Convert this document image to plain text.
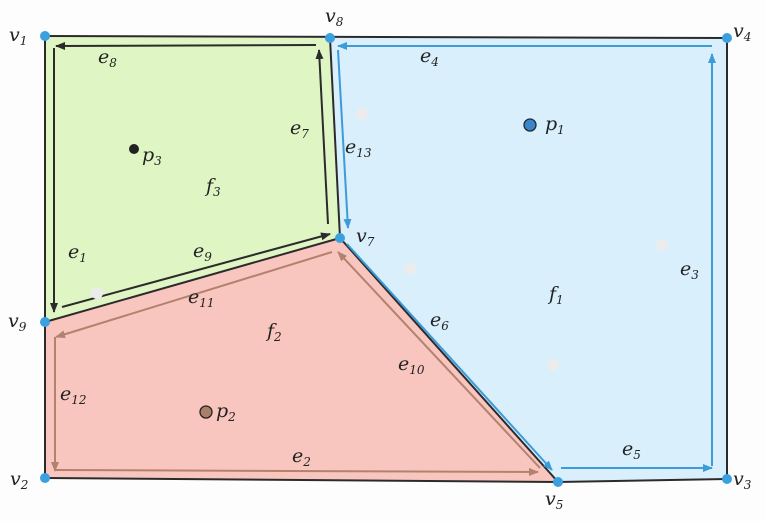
$v_1$
$v_2$	$v_3$
$v_4$
$v_5$
$v_7$
$v_8$
$v_9$
$e_1$
$e_2$
$e_3$
$e_4$
$e_5$
$e_6$
$e_7$
$e_8$
$e_9$
$e_{10}$
$e_{11}$
$e_{12}$
$e_{13}$
$f_1$
$f_2$
$f_3$
$p_1$
$p_2$
$p_3$
